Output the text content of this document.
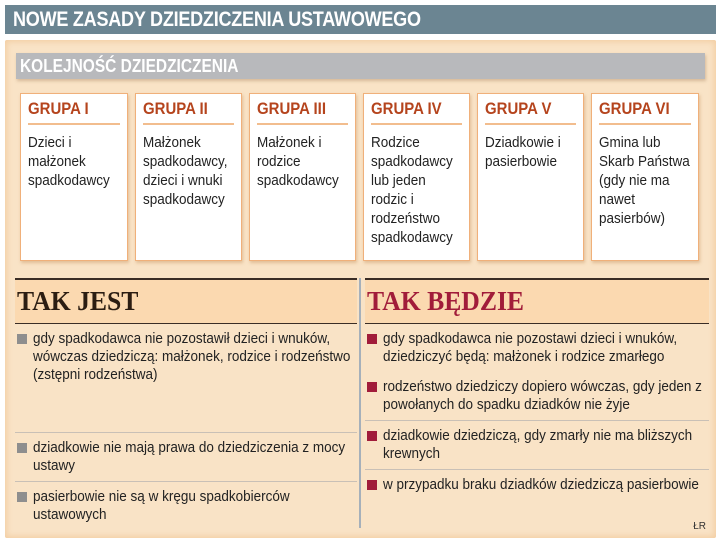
NOWE ZASADY DZIEDZICZENIA USTAWOWEGO
KOLEJNOŚĆ DZIEDZICZENIA
GRUPA I
Dzieci i małżonek spadkodawcy
GRUPA II
Małżonek spadkodawcy, dzieci i wnuki spadkodawcy
GRUPA III
Małżonek i rodzice spadkodawcy
GRUPA IV
Rodzice spadkodawcy lub jeden rodzic i rodzeństwo spadkodawcy
GRUPA V
Dziadkowie i pasierbowie
GRUPA VI
Gmina lub Skarb Państwa (gdy nie ma nawet pasierbów)
TAK JEST
gdy spadkodawca nie pozostawił dzieci i wnuków, wówczas dziedziczą: małżonek, rodzice i rodzeństwo (zstępni rodzeństwa)
dziadkowie nie mają prawa do dziedziczenia z mocy ustawy
pasierbowie nie są w kręgu spadkobierców ustawowych
TAK BĘDZIE
gdy spadkodawca nie pozostawi dzieci i wnuków, dziedziczyć będą: małżonek i rodzice zmarłego
rodzeństwo dziedziczy dopiero wówczas, gdy jeden z powołanych do spadku dziadków nie żyje
dziadkowie dziedziczą, gdy zmarły nie ma bliższych krewnych
w przypadku braku dziadków dziedziczą pasierbowie
ŁR
